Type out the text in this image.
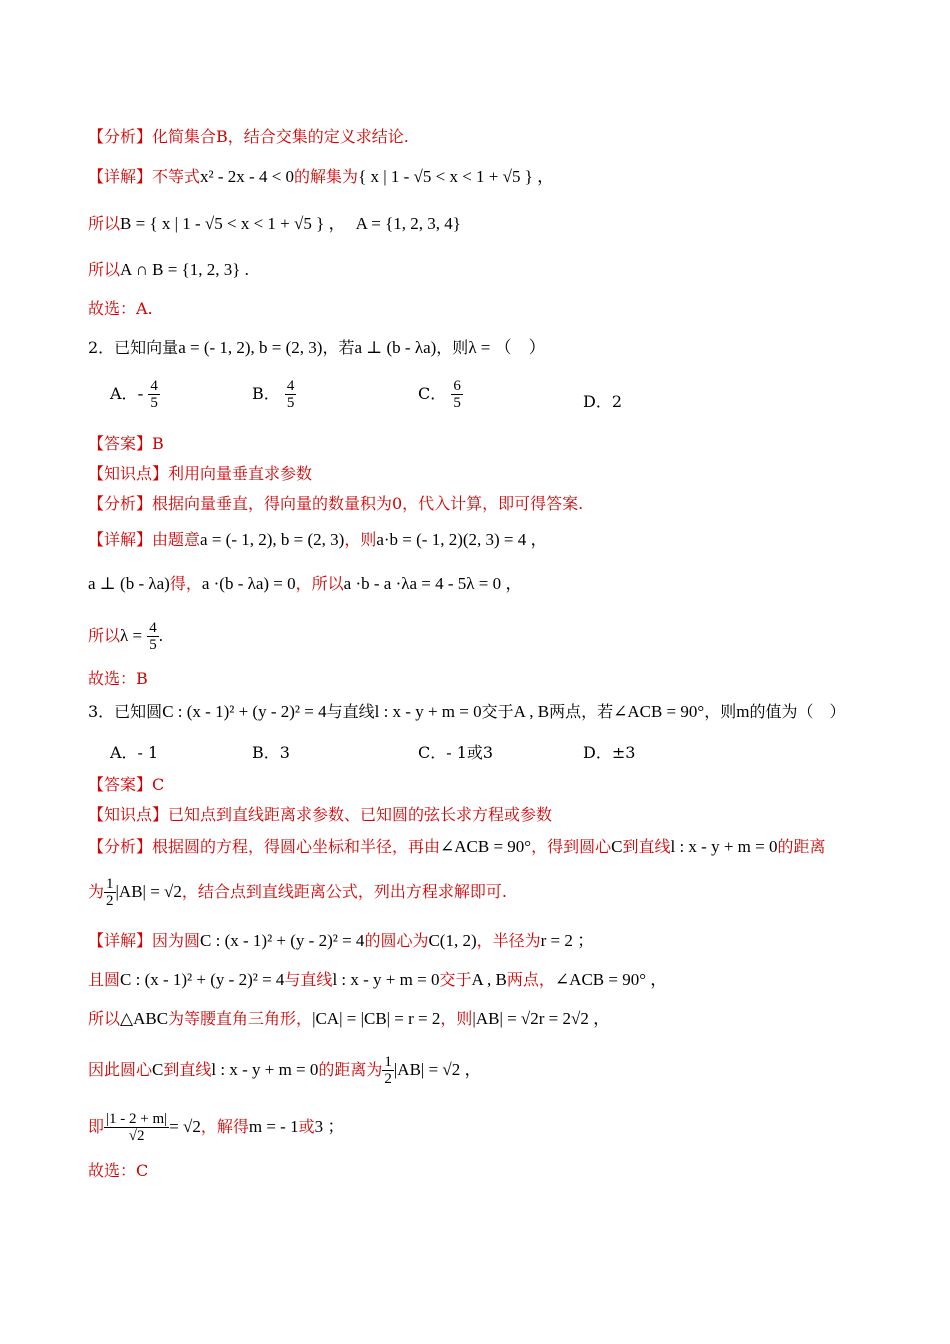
【分析】化简集合B，结合交集的定义求结论.
【详解】不等式x² - 2x - 4 < 0的解集为{ x | 1 - √5 < x < 1 + √5 } ，
所以B = { x | 1 - √5 < x < 1 + √5 } ， A = {1, 2, 3, 4}
所以A ∩ B = {1, 2, 3} .
故选：A.
2．已知向量a = (- 1, 2), b = (2, 3)，若a ⊥ (b - λa)，则λ = （　）
A．- $\frac{4}{5}$	B． $\frac{4}{5}$	C． $\frac{6}{5}$	D．2
【答案】B
【知识点】利用向量垂直求参数
【分析】根据向量垂直，得向量的数量积为0，代入计算，即可得答案.
【详解】由题意a = (- 1, 2), b = (2, 3)，则a·b = (- 1, 2)(2, 3) = 4 ，
a ⊥ (b - λa)得，a ·(b - λa) = 0，所以a ·b - a ·λa = 4 - 5λ = 0 ，
所以$\lambda = \frac{4}{5}$ .
故选：B
3．已知圆C : (x - 1)² + (y - 2)² = 4与直线l : x - y + m = 0交于A , B两点，若∠ACB = 90°，则m的值为（　）
A．- 1	B．3	C．- 1或3	D．±3
【答案】C
【知识点】已知点到直线距离求参数、已知圆的弦长求方程或参数
【分析】根据圆的方程，得圆心坐标和半径，再由∠ACB = 90°，得到圆心C到直线l : x - y + m = 0的距离
为 $\frac{1}{2} |AB| = √2$，结合点到直线距离公式，列出方程求解即可.
【详解】因为圆C : (x - 1)² + (y - 2)² = 4的圆心为C(1, 2)，半径为r = 2 ；
且圆C : (x - 1)² + (y - 2)² = 4与直线l : x - y + m = 0交于A , B两点，∠ACB = 90° ，
所以△ABC为等腰直角三角形，|CA| = |CB| = r = 2，则|AB| = √2r = 2√2 ，
因此圆心C到直线l : x - y + m = 0的距离为 $\frac{1}{2} |AB| = √2$ ，
即 $\frac{|1 - 2 + m|}{√2} = √2$，解得m = - 1或3 ；
故选：C
